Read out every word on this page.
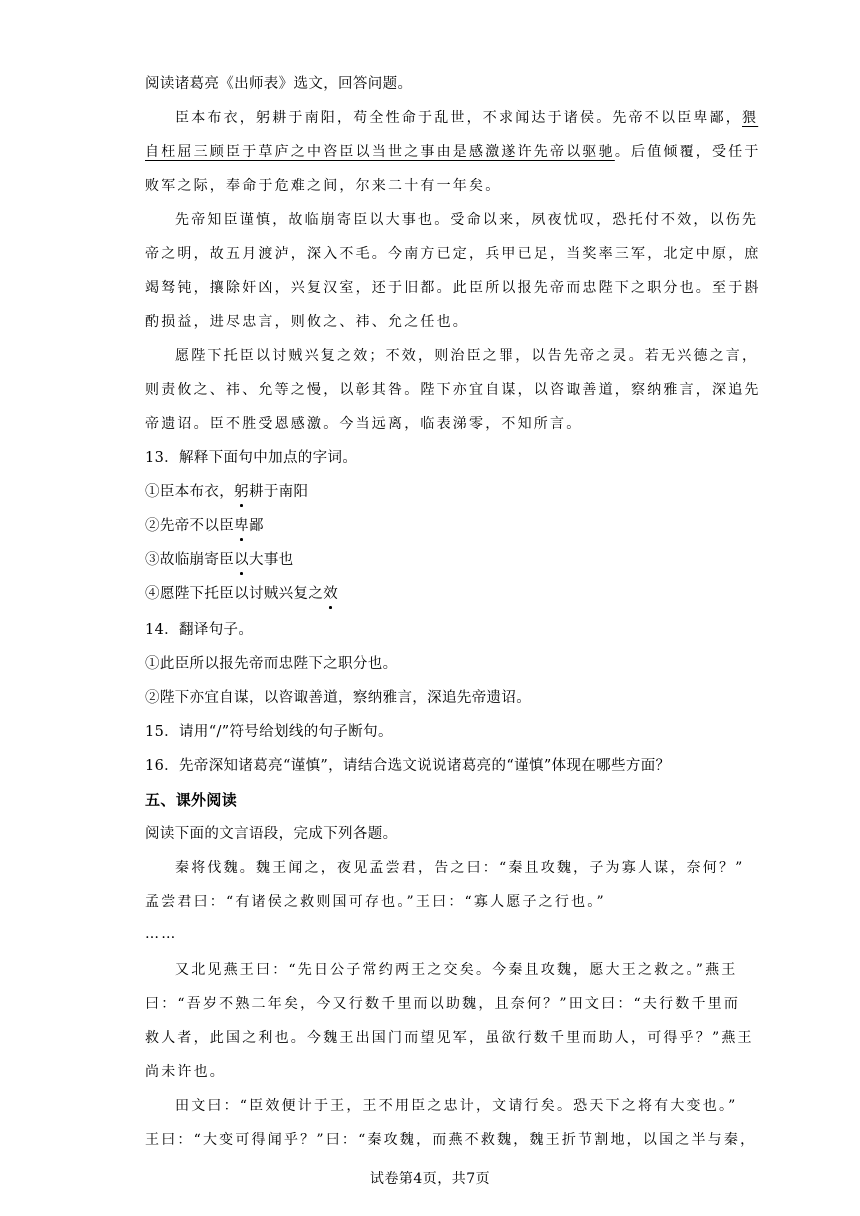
阅读诸葛亮《出师表》选文，回答问题。
臣本布衣，躬耕于南阳，苟全性命于乱世，不求闻达于诸侯。先帝不以臣卑鄙，猥
自枉屈三顾臣于草庐之中咨臣以当世之事由是感激遂许先帝以驱驰。后值倾覆，受任于
败军之际，奉命于危难之间，尔来二十有一年矣。
先帝知臣谨慎，故临崩寄臣以大事也。受命以来，夙夜忧叹，恐托付不效，以伤先
帝之明，故五月渡泸，深入不毛。今南方已定，兵甲已足，当奖率三军，北定中原，庶
竭驽钝，攘除奸凶，兴复汉室，还于旧都。此臣所以报先帝而忠陛下之职分也。至于斟
酌损益，进尽忠言，则攸之、祎、允之任也。
愿陛下托臣以讨贼兴复之效；不效，则治臣之罪，以告先帝之灵。若无兴德之言，
则责攸之、祎、允等之慢，以彰其咎。陛下亦宜自谋，以咨诹善道，察纳雅言，深追先
帝遗诏。臣不胜受恩感激。今当远离，临表涕零，不知所言。
13．解释下面句中加点的字词。
①臣本布衣，躬耕于南阳
②先帝不以臣卑鄙
③故临崩寄臣以大事也
④愿陛下托臣以讨贼兴复之效
14．翻译句子。
①此臣所以报先帝而忠陛下之职分也。
②陛下亦宜自谋，以咨诹善道，察纳雅言，深追先帝遗诏。
15．请用“/”符号给划线的句子断句。
16．先帝深知诸葛亮“谨慎”，请结合选文说说诸葛亮的“谨慎”体现在哪些方面？
五、课外阅读
阅读下面的文言语段，完成下列各题。
秦将伐魏。魏王闻之，夜见孟尝君，告之曰：“秦且攻魏，子为寡人谋，奈何？”
孟尝君曰：“有诸侯之救则国可存也。”王曰：“寡人愿子之行也。”
……
又北见燕王曰：“先日公子常约两王之交矣。今秦且攻魏，愿大王之救之。”燕王
曰：“吾岁不熟二年矣，今又行数千里而以助魏，且奈何？”田文曰：“夫行数千里而
救人者，此国之利也。今魏王出国门而望见军，虽欲行数千里而助人，可得乎？”燕王
尚未许也。
田文曰：“臣效便计于王，王不用臣之忠计，文请行矣。恐天下之将有大变也。”
王曰：“大变可得闻乎？”曰：“秦攻魏，而燕不救魏，魏王折节割地，以国之半与秦，
试卷第4页，共7页
